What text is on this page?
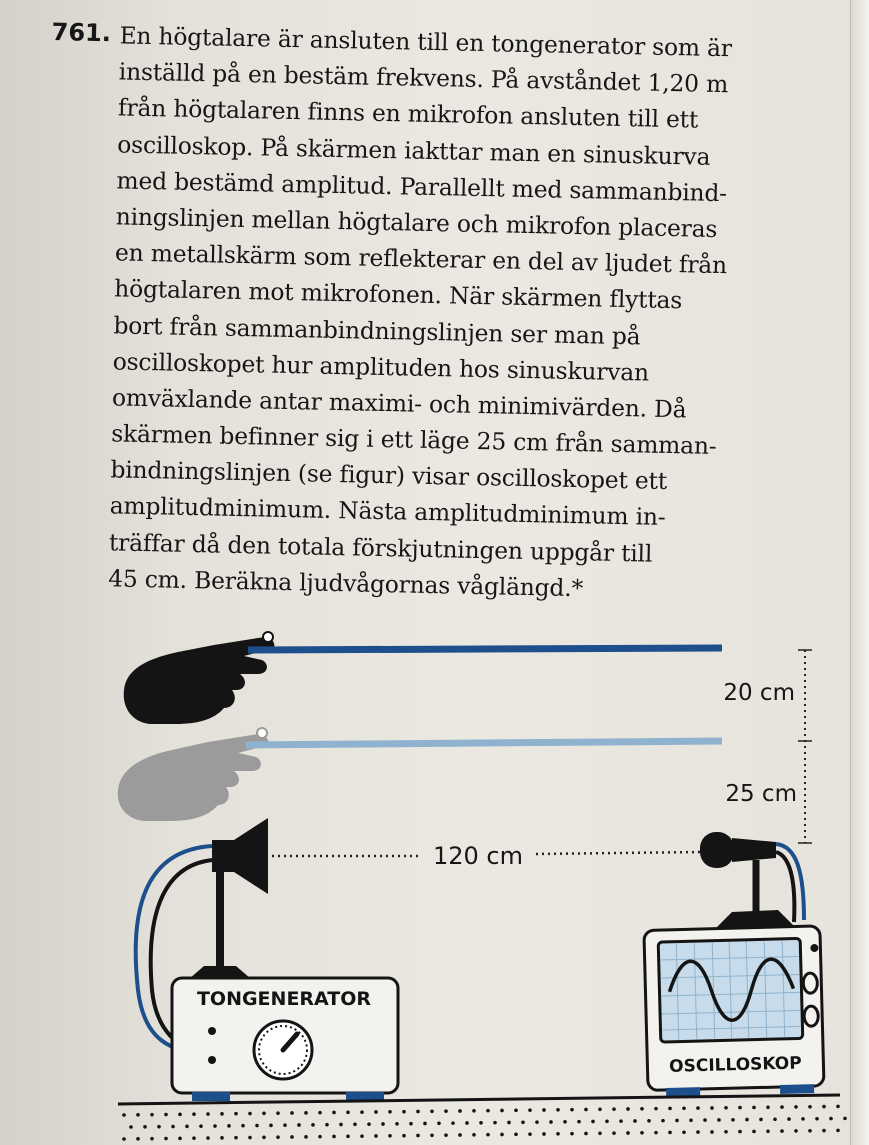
761. En högtalare är ansluten till en tongenerator som är
inställd på en bestäm frekvens. På avståndet 1,20 m
från högtalaren finns en mikrofon ansluten till ett
oscilloskop. På skärmen iakttar man en sinuskurva
med bestämd amplitud. Parallellt med sammanbind-
ningslinjen mellan högtalare och mikrofon placeras
en metallskärm som reflekterar en del av ljudet från
högtalaren mot mikrofonen. När skärmen flyttas
bort från sammanbindningslinjen ser man på
oscilloskopet hur amplituden hos sinuskurvan
omväxlande antar maximi- och minimivärden. Då
skärmen befinner sig i ett läge 25 cm från samman-
bindningslinjen (se figur) visar oscilloskopet ett
amplitudminimum. Nästa amplitudminimum in-
träffar då den totala förskjutningen uppgår till
45 cm. Beräkna ljudvågornas våglängd.*
20 cm
25 cm
120 cm
TONGENERATOR
OSCILLOSKOP
